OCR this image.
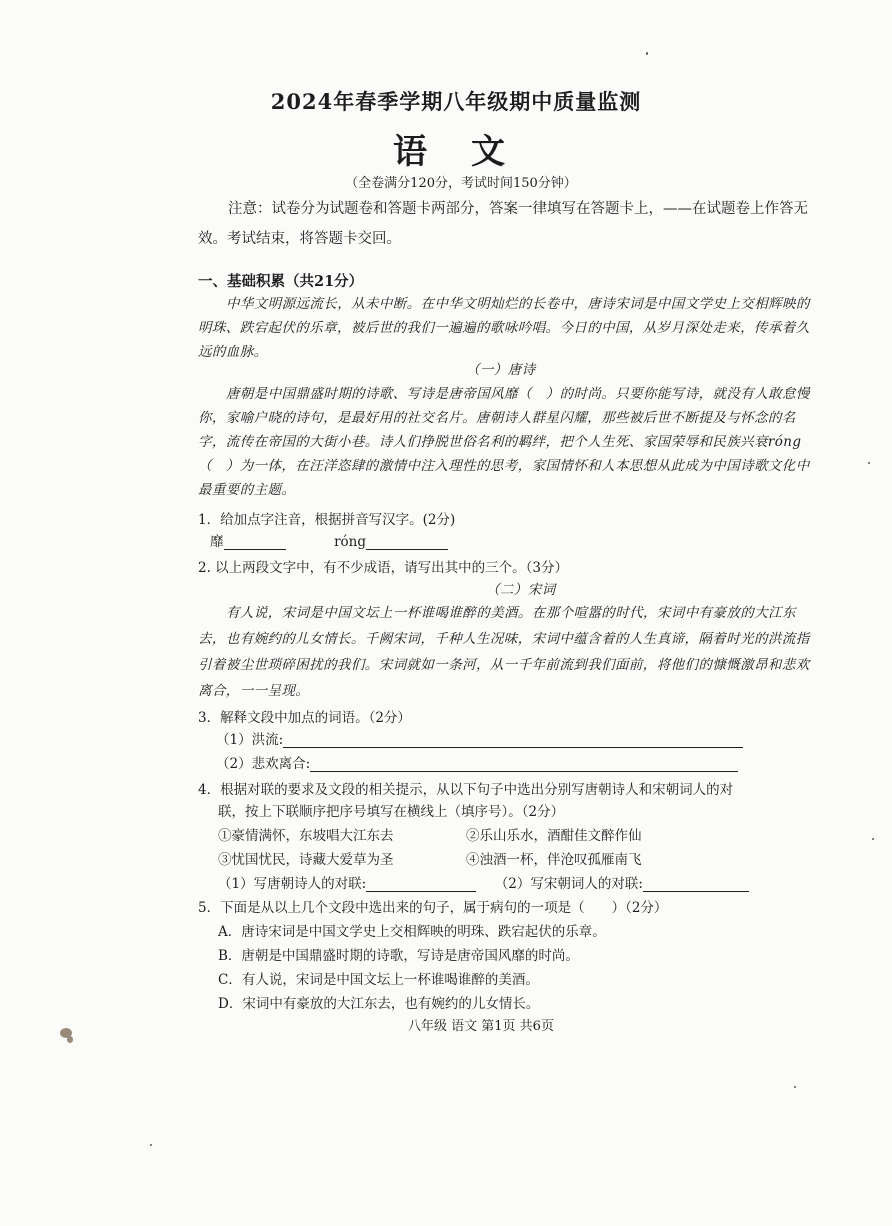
2024年春季学期八年级期中质量监测
语文
（全卷满分120分，考试时间150分钟）
注意：试卷分为试题卷和答题卡两部分，答案一律填写在答题卡上，——在试题卷上作答无效。考试结束，将答题卡交回。
一、基础积累（共21分）
中华文明源远流长，从未中断。在中华文明灿烂的长卷中，唐诗宋词是中国文学史上交相辉映的明珠、跌宕起伏的乐章，被后世的我们一遍遍的歌咏吟唱。今日的中国，从岁月深处走来，传承着久远的血脉。
（一）唐诗
唐朝是中国鼎盛时期的诗歌、写诗是唐帝国风靡（　）的时尚。只要你能写诗，就没有人敢怠慢你，家喻户晓的诗句，是最好用的社交名片。唐朝诗人群星闪耀，那些被后世不断提及与怀念的名字，流传在帝国的大街小巷。诗人们挣脱世俗名利的羁绊，把个人生死、家国荣辱和民族兴衰róng（　）为一体，在汪洋恣肆的激情中注入理性的思考，家国情怀和人本思想从此成为中国诗歌文化中最重要的主题。
1．给加点字注音，根据拼音写汉字。(2分)
靡	róng
2. 以上两段文字中，有不少成语，请写出其中的三个。（3分）
（二）宋词
有人说，宋词是中国文坛上一杯谁喝谁醉的美酒。在那个喧嚣的时代，宋词中有豪放的大江东去，也有婉约的儿女情长。千阙宋词，千种人生况味，宋词中蕴含着的人生真谛，隔着时光的洪流指引着被尘世琐碎困扰的我们。宋词就如一条河，从一千年前流到我们面前，将他们的慷慨激昂和悲欢离合，一一呈现。
3．解释文段中加点的词语。（2分）
（1）洪流:
（2）悲欢离合:
4．根据对联的要求及文段的相关提示，从以下句子中选出分别写唐朝诗人和宋朝词人的对
联，按上下联顺序把序号填写在横线上（填序号）。（2分）
①豪情满怀，东坡唱大江东去	②乐山乐水，酒酣佳文醉作仙
③忧国忧民，诗藏大爱草为圣	④浊酒一杯，伴沧叹孤雁南飞
（1）写唐朝诗人的对联:	（2）写宋朝词人的对联:
5．下面是从以上几个文段中选出来的句子，属于病句的一项是（　　）（2分）
A．唐诗宋词是中国文学史上交相辉映的明珠、跌宕起伏的乐章。
B．唐朝是中国鼎盛时期的诗歌，写诗是唐帝国风靡的时尚。
C．有人说，宋词是中国文坛上一杯谁喝谁醉的美酒。
D．宋词中有豪放的大江东去，也有婉约的儿女情长。
八年级 语文 第1页 共6页
